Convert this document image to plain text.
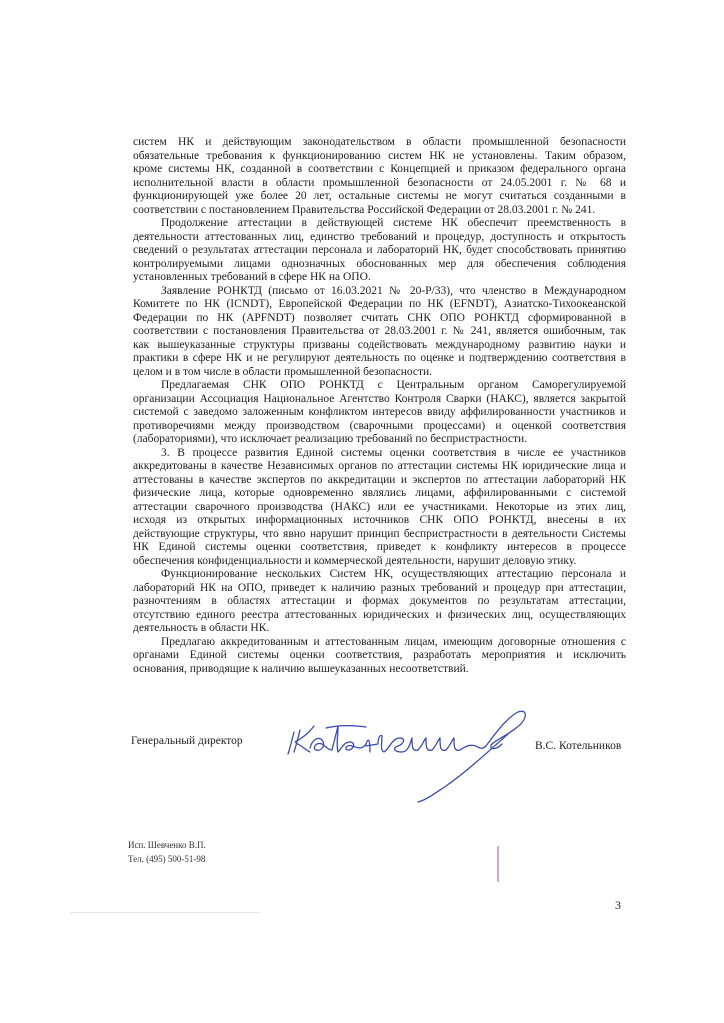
систем НК и действующим законодательством в области промышленной безопасности
обязательные требования к функционированию систем НК не установлены. Таким образом,
кроме системы НК, созданной в соответствии с Концепцией и приказом федерального органа
исполнительной власти в области промышленной безопасности от 24.05.2001 г. № 68 и
функционирующей уже более 20 лет, остальные системы не могут считаться созданными в
соответствии с постановлением Правительства Российской Федерации от 28.03.2001 г. № 241.
Продолжение аттестации в действующей системе НК обеспечит преемственность в
деятельности аттестованных лиц, единство требований и процедур, доступность и открытость
сведений о результатах аттестации персонала и лабораторий НК, будет способствовать принятию
контролируемыми лицами однозначных обоснованных мер для обеспечения соблюдения
установленных требований в сфере НК на ОПО.
Заявление РОНКТД (письмо от 16.03.2021 № 20-Р/33), что членство в Международном
Комитете по НК (ICNDT), Европейской Федерации по НК (EFNDT), Азиатско-Тихоокеанской
Федерации по НК (APFNDT) позволяет считать СНК ОПО РОНКТД сформированной в
соответствии с постановления Правительства от 28.03.2001 г. № 241, является ошибочным, так
как вышеуказанные структуры призваны содействовать международному развитию науки и
практики в сфере НК и не регулируют деятельность по оценке и подтверждению соответствия в
целом и в том числе в области промышленной безопасности.
Предлагаемая СНК ОПО РОНКТД с Центральным органом Саморегулируемой
организации Ассоциация Национальное Агентство Контроля Сварки (НАКС), является закрытой
системой с заведомо заложенным конфликтом интересов ввиду аффилированности участников и
противоречиями между производством (сварочными процессами) и оценкой соответствия
(лабораториями), что исключает реализацию требований по беспристрастности.
3. В процессе развития Единой системы оценки соответствия в числе ее участников
аккредитованы в качестве Независимых органов по аттестации системы НК юридические лица и
аттестованы в качестве экспертов по аккредитации и экспертов по аттестации лабораторий НК
физические лица, которые одновременно являлись лицами, аффилированными с системой
аттестации сварочного производства (НАКС) или ее участниками. Некоторые из этих лиц,
исходя из открытых информационных источников СНК ОПО РОНКТД, внесены в их
действующие структуры, что явно нарушит принцип беспристрастности в деятельности Системы
НК Единой системы оценки соответствия, приведет к конфликту интересов в процессе
обеспечения конфиденциальности и коммерческой деятельности, нарушит деловую этику.
Функционирование нескольких Систем НК, осуществляющих аттестацию персонала и
лабораторий НК на ОПО, приведет к наличию разных требований и процедур при аттестации,
разночтениям в областях аттестации и формах документов по результатам аттестации,
отсутствию единого реестра аттестованных юридических и физических лиц, осуществляющих
деятельность в области НК.
Предлагаю аккредитованным и аттестованным лицам, имеющим договорные отношения с
органами Единой системы оценки соответствия, разработать мероприятия и исключить
основания, приводящие к наличию вышеуказанных несоответствий.
Генеральный директор	В.С. Котельников
Исп. Шевченко В.П.
Тел. (495) 500-51-98
3
